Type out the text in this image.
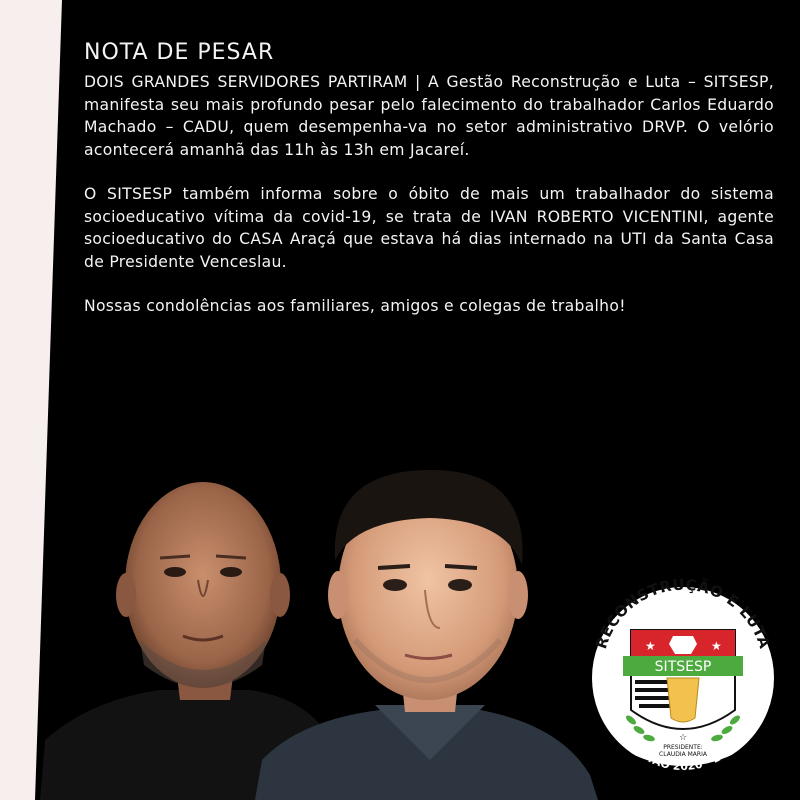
NOTA DE PESAR

DOIS GRANDES SERVIDORES PARTIRAM | A Gestão Reconstrução e Luta – SITSESP, manifesta seu mais profundo pesar pelo falecimento do trabalhador Carlos Eduardo Machado – CADU, quem desempenha-va no setor administrativo DRVP. O velório acontecerá amanhã das 11h às 13h em Jacareí.

O SITSESP também informa sobre o óbito de mais um trabalhador do sistema socioeducativo vítima da covid-19, se trata de IVAN ROBERTO VICENTINI, agente socioeducativo do CASA Araçá que estava há dias internado na UTI da Santa Casa de Presidente Venceslau.

Nossas condolências aos familiares, amigos e colegas de trabalho!

RECONSTRUÇÃO E LUTA
★
★
★
★
★	★
SITSESP
☆
PRESIDENTE:
CLAUDIA MARIA
GESTÃO 2020 - 2024
